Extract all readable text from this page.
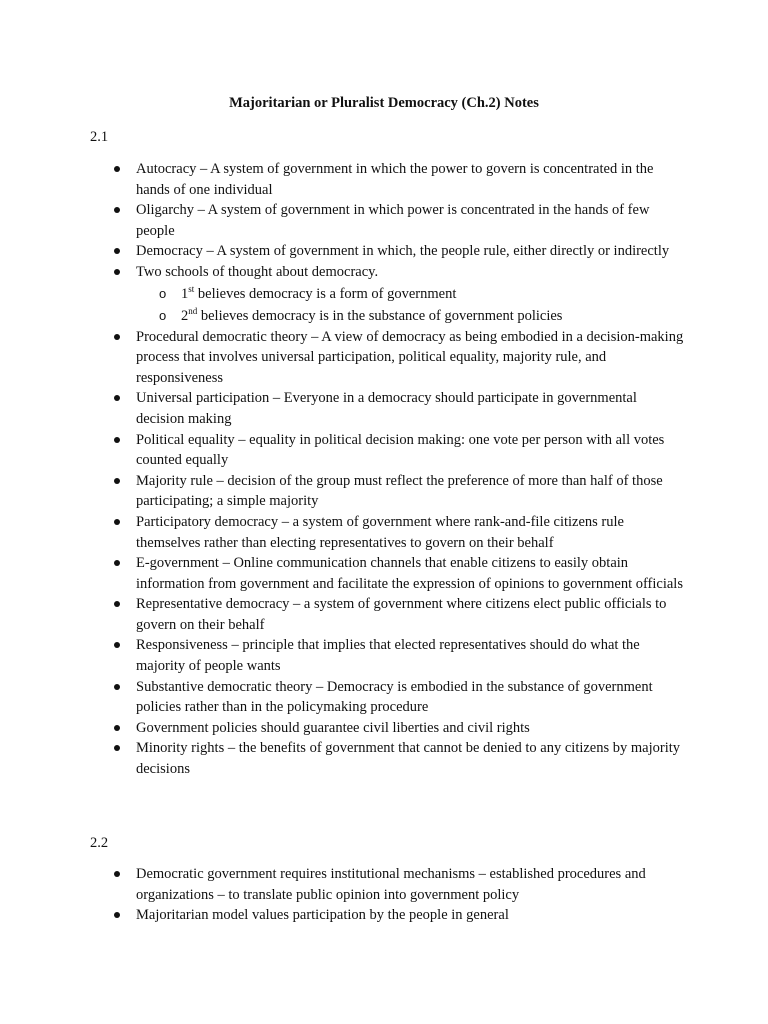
Majoritarian or Pluralist Democracy (Ch.2) Notes
2.1
Autocracy – A system of government in which the power to govern is concentrated in the hands of one individual
Oligarchy – A system of government in which power is concentrated in the hands of few people
Democracy – A system of government in which, the people rule, either directly or indirectly
Two schools of thought about democracy.
o 1st believes democracy is a form of government
o 2nd believes democracy is in the substance of government policies
Procedural democratic theory – A view of democracy as being embodied in a decision-making process that involves universal participation, political equality, majority rule, and responsiveness
Universal participation – Everyone in a democracy should participate in governmental decision making
Political equality – equality in political decision making: one vote per person with all votes counted equally
Majority rule – decision of the group must reflect the preference of more than half of those participating; a simple majority
Participatory democracy – a system of government where rank-and-file citizens rule themselves rather than electing representatives to govern on their behalf
E-government – Online communication channels that enable citizens to easily obtain information from government and facilitate the expression of opinions to government officials
Representative democracy – a system of government where citizens elect public officials to govern on their behalf
Responsiveness – principle that implies that elected representatives should do what the majority of people wants
Substantive democratic theory – Democracy is embodied in the substance of government policies rather than in the policymaking procedure
Government policies should guarantee civil liberties and civil rights
Minority rights – the benefits of government that cannot be denied to any citizens by majority decisions
2.2
Democratic government requires institutional mechanisms – established procedures and organizations – to translate public opinion into government policy
Majoritarian model values participation by the people in general
